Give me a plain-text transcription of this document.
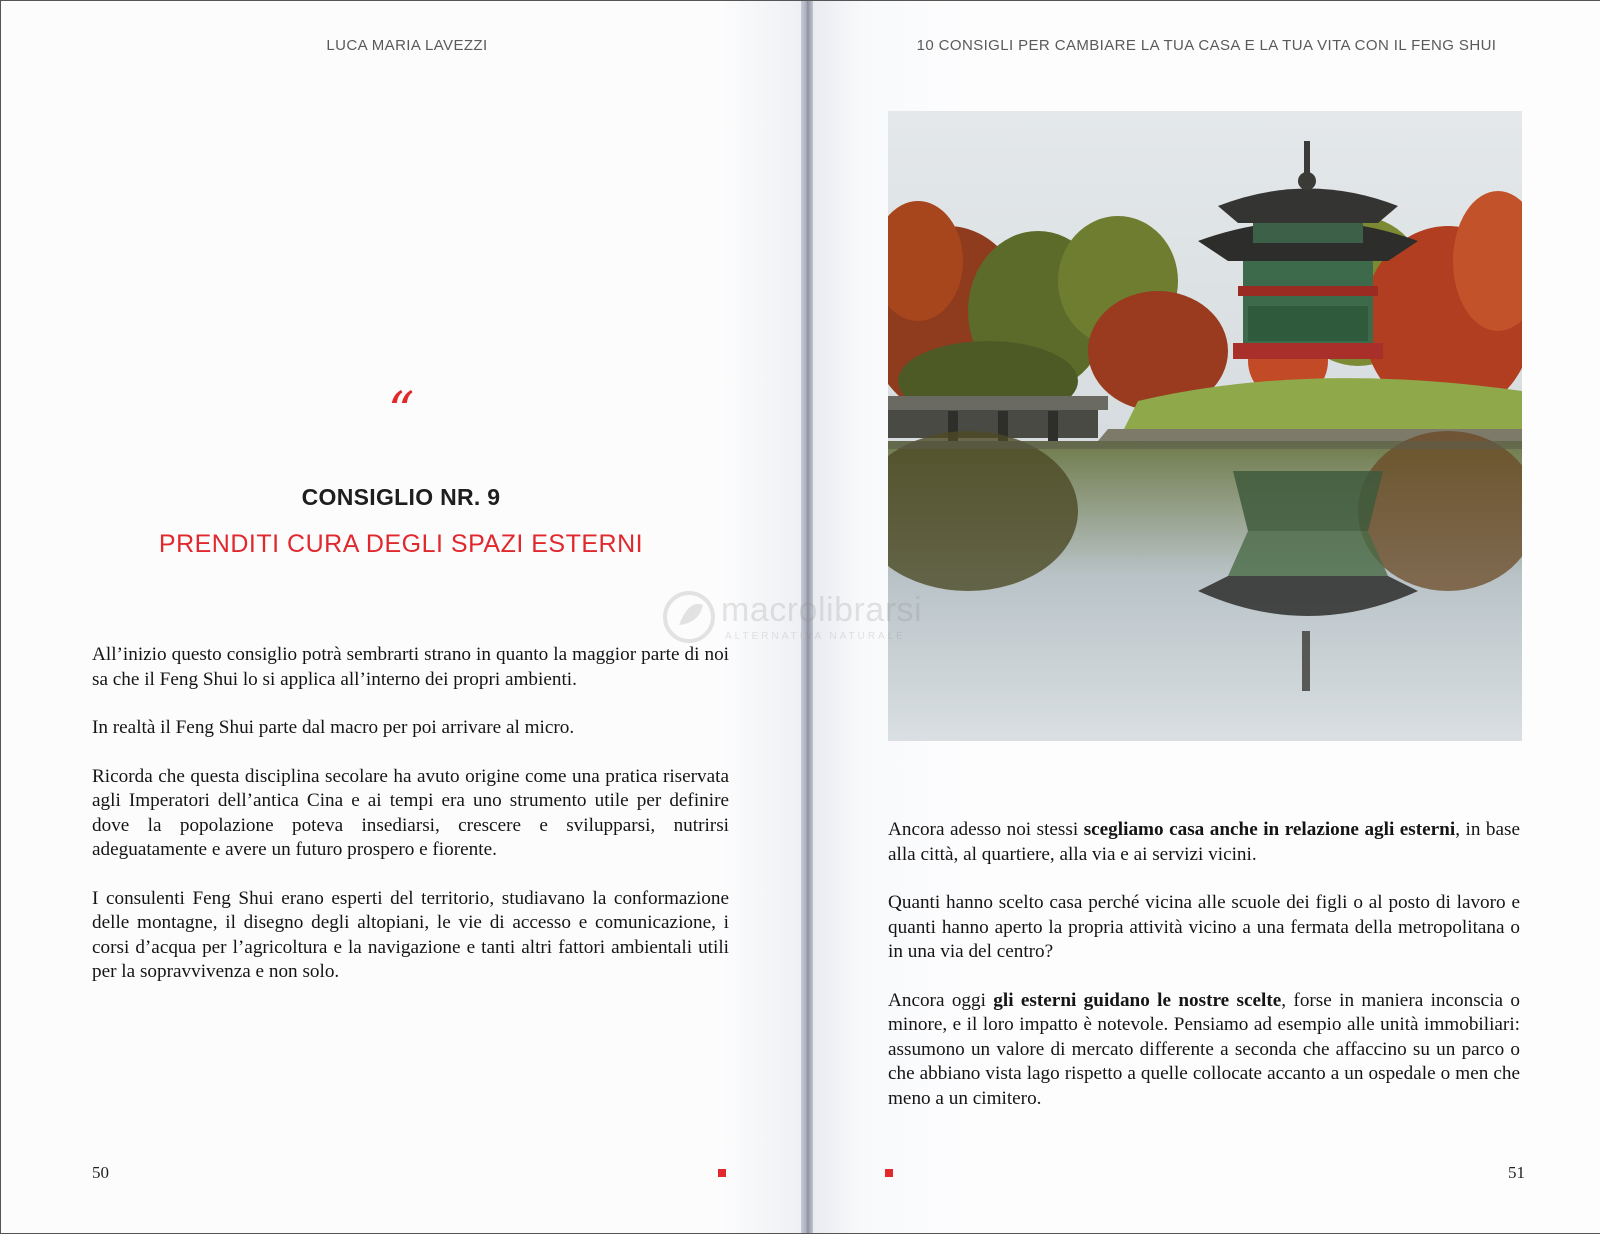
LUCA MARIA LAVEZZI
“
CONSIGLIO NR. 9
PRENDITI CURA DEGLI SPAZI ESTERNI

All’inizio questo consiglio potrà sembrarti strano in quanto la maggior parte di noi sa che il Feng Shui lo si applica all’interno dei propri ambienti.

In realtà il Feng Shui parte dal macro per poi arrivare al micro.

Ricorda che questa disciplina secolare ha avuto origine come una pratica riservata agli Imperatori dell’antica Cina e ai tempi era uno strumento utile per definire dove la popolazione poteva insediarsi, crescere e svilupparsi, nutrirsi adeguatamente e avere un futuro prospero e fiorente.

I consulenti Feng Shui erano esperti del territorio, studiavano la conformazione delle montagne, il disegno degli altopiani, le vie di accesso e comunicazione, i corsi d’acqua per l’agricoltura e la navigazione e tanti altri fattori ambientali utili per la sopravvivenza e non solo.

50
10 CONSIGLI PER CAMBIARE LA TUA CASA E LA TUA VITA CON IL FENG SHUI

Ancora adesso noi stessi scegliamo casa anche in relazione agli esterni, in base alla città, al quartiere, alla via e ai servizi vicini.

Quanti hanno scelto casa perché vicina alle scuole dei figli o al posto di lavoro e quanti hanno aperto la propria attività vicino a una fermata della metropolitana o in una via del centro?

Ancora oggi gli esterni guidano le nostre scelte, forse in maniera inconscia o minore, e il loro impatto è notevole. Pensiamo ad esempio alle unità immobiliari: assumono un valore di mercato differente a seconda che affaccino su un parco o che abbiano vista lago rispetto a quelle collocate accanto a un ospedale o men che meno a un cimitero.

51
macrolibrarsi
ALTERNATIVA NATURALE
